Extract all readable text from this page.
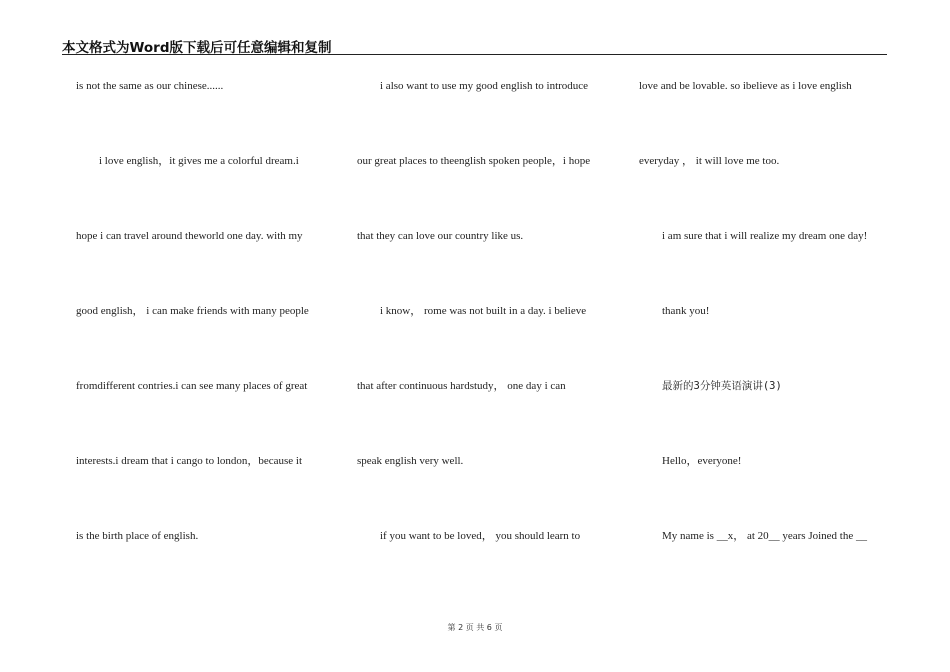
本文格式为Word版下载后可任意编辑和复制
is not the same as our chinese......
i love english，it gives me a colorful dream.i
hope i can travel around theworld one day. with my
good english， i can make friends with many people
fromdifferent contries.i can see many places of great
interests.i dream that i cango to london，because it
is the birth place of english.
i also want to use my good english to introduce
our great places to theenglish spoken people，i hope
that they can love our country like us.
i know， rome was not built in a day. i believe
that after continuous hardstudy， one day i can
speak english very well.
if you want to be loved， you should learn to
love and be lovable. so ibelieve as i love english
everyday ， it will love me too.
i am sure that i will realize my dream one day!
thank you!
最新的3分钟英语演讲(3)
Hello，everyone!
My name is __x， at 20__ years Joined the __
第 2 页 共 6 页
